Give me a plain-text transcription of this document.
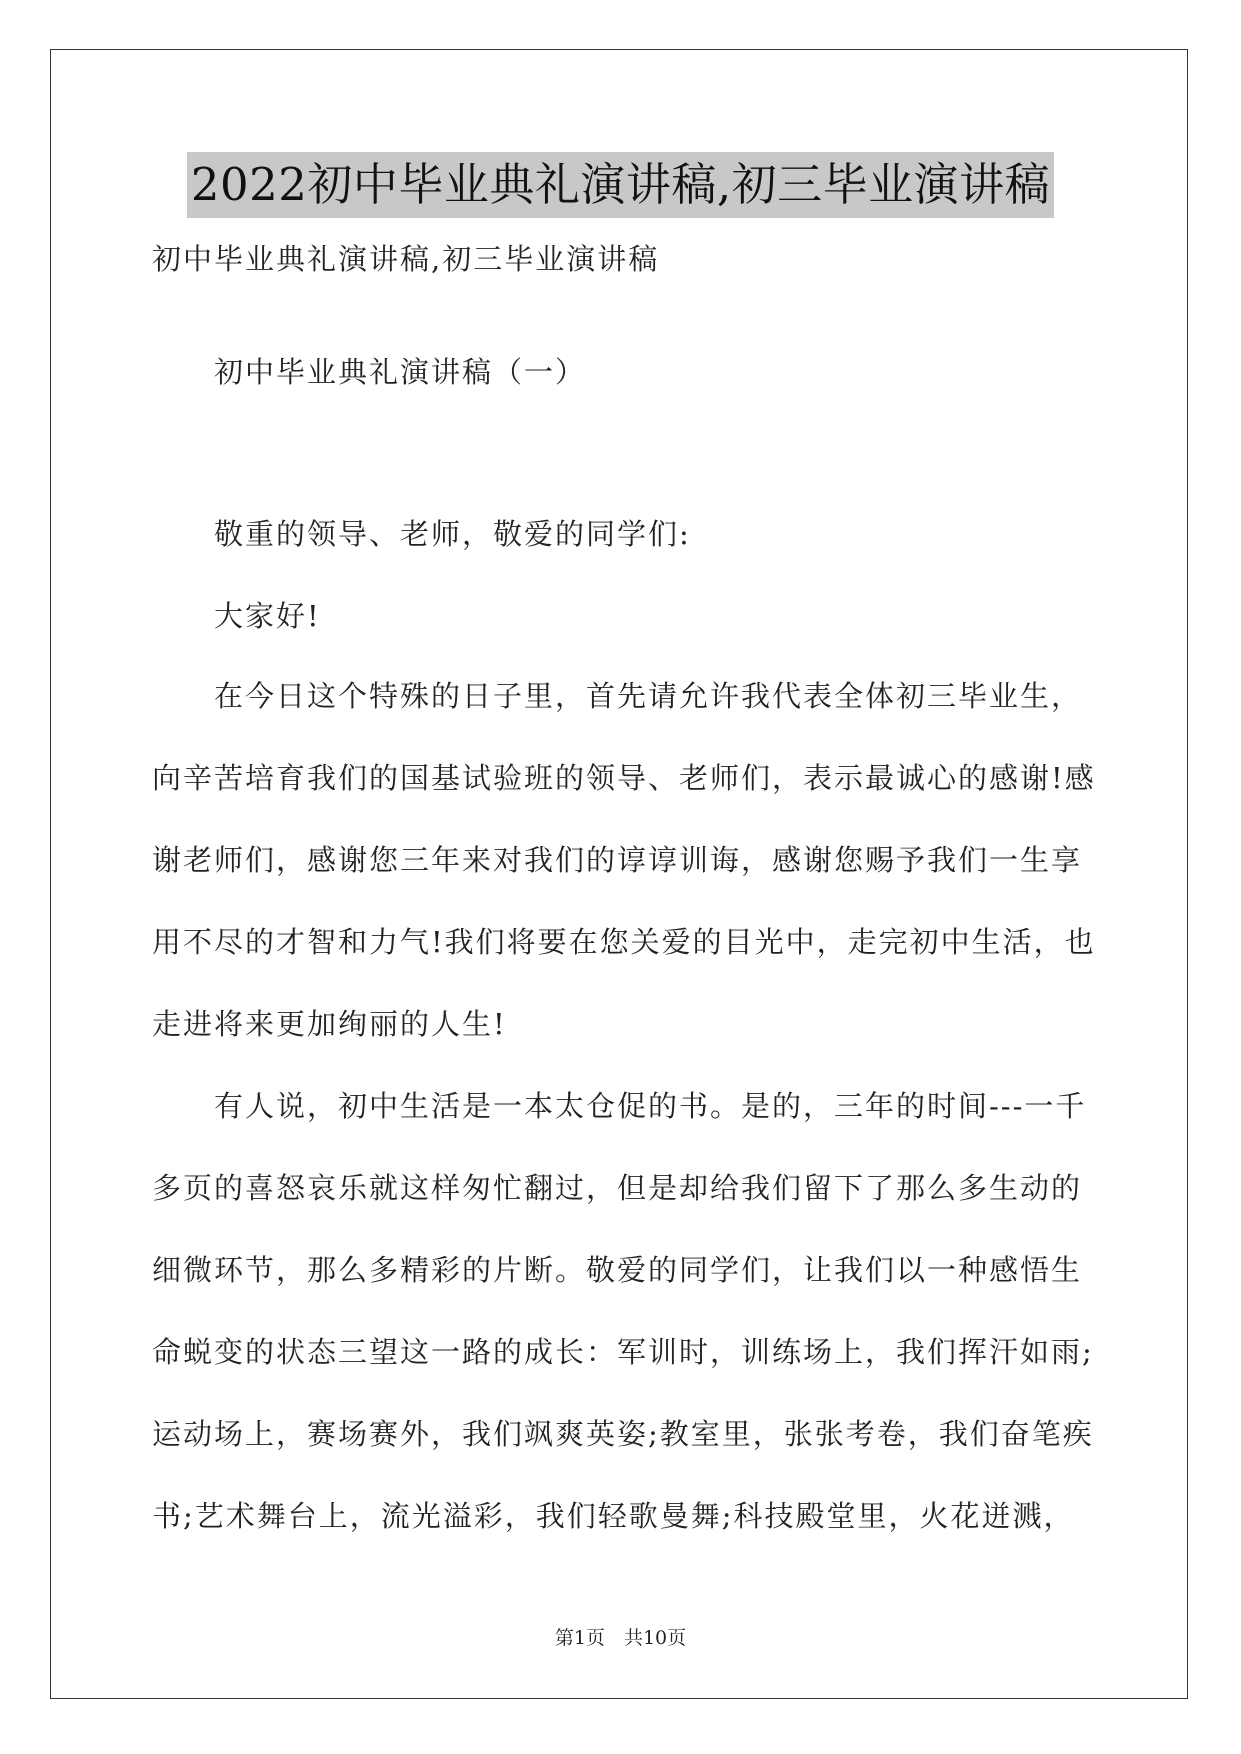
2022初中毕业典礼演讲稿,初三毕业演讲稿
初中毕业典礼演讲稿,初三毕业演讲稿
初中毕业典礼演讲稿（一）
敬重的领导、老师，敬爱的同学们:
大家好!
在今日这个特殊的日子里，首先请允许我代表全体初三毕业生，
向辛苦培育我们的国基试验班的领导、老师们，表示最诚心的感谢!感
谢老师们，感谢您三年来对我们的谆谆训诲，感谢您赐予我们一生享
用不尽的才智和力气!我们将要在您关爱的目光中，走完初中生活，也
走进将来更加绚丽的人生!
有人说，初中生活是一本太仓促的书。是的，三年的时间---一千
多页的喜怒哀乐就这样匆忙翻过，但是却给我们留下了那么多生动的
细微环节，那么多精彩的片断。敬爱的同学们，让我们以一种感悟生
命蜕变的状态三望这一路的成长：军训时，训练场上，我们挥汗如雨;
运动场上，赛场赛外，我们飒爽英姿;教室里，张张考卷，我们奋笔疾
书;艺术舞台上，流光溢彩，我们轻歌曼舞;科技殿堂里，火花迸溅，
第1页　共10页
